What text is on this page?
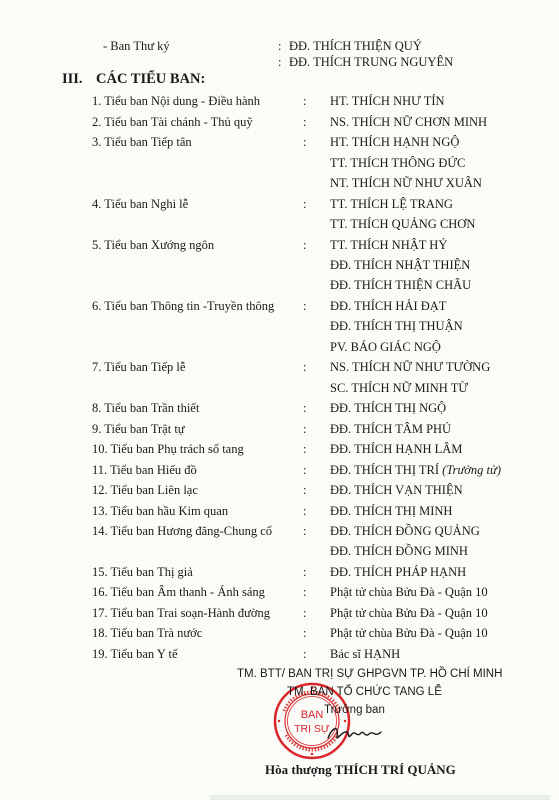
- Ban Thư ký	: ĐĐ. THÍCH THIỆN QUÝ
: ĐĐ. THÍCH TRUNG NGUYÊN
III. CÁC TIỂU BAN:
1. Tiểu ban Nội dung - Điều hành	: HT. THÍCH NHƯ TÍN
2. Tiểu ban Tài chánh - Thủ quỹ	: NS. THÍCH NỮ CHƠN MINH
3. Tiểu ban Tiếp tân	: HT. THÍCH HẠNH NGỘ
TT. THÍCH THÔNG ĐỨC
NT. THÍCH NỮ NHƯ XUÂN
4. Tiểu ban Nghi lễ	: TT. THÍCH LỆ TRANG
TT. THÍCH QUẢNG CHƠN
5. Tiểu ban Xướng ngôn	: TT. THÍCH NHẬT HỶ
ĐĐ. THÍCH NHẬT THIỆN
ĐĐ. THÍCH THIỆN CHÂU
6. Tiểu ban Thông tin -Truyền thông : ĐĐ. THÍCH HẢI ĐẠT
ĐĐ. THÍCH THỊ THUẬN
PV. BÁO GIÁC NGỘ
7. Tiểu ban Tiếp lễ	: NS. THÍCH NỮ NHƯ TƯỜNG
SC. THÍCH NỮ MINH TỪ
8. Tiểu ban Trần thiết	: ĐĐ. THÍCH THỊ NGỘ
9. Tiểu ban Trật tự	: ĐĐ. THÍCH TÂM PHÚ
10. Tiểu ban Phụ trách sổ tang	: ĐĐ. THÍCH HẠNH LÂM
11. Tiểu ban Hiếu đồ	: ĐĐ. THÍCH THỊ TRÍ (Trưởng tử)
12. Tiểu ban Liên lạc	: ĐĐ. THÍCH VẠN THIỆN
13. Tiểu ban hầu Kim quan	: ĐĐ. THÍCH THỊ MINH
14. Tiểu ban Hương đăng-Chung cổ : ĐĐ. THÍCH ĐỒNG QUẢNG
ĐĐ. THÍCH ĐỒNG MINH
15. Tiểu ban Thị giả	: ĐĐ. THÍCH PHÁP HẠNH
16. Tiểu ban Âm thanh - Ánh sáng	: Phật tử chùa Bửu Đà - Quận 10
17. Tiểu ban Trai soạn-Hành đường	: Phật tử chùa Bửu Đà - Quận 10
18. Tiểu ban Trà nước	: Phật tử chùa Bửu Đà - Quận 10
19. Tiểu ban Y tế	: Bác sĩ HẠNH
BAN
TRỊ SỰ
TM. BTT/ BAN TRỊ SỰ GHPGVN TP. HỒ CHÍ MINH
TM. BAN TỔ CHỨC TANG LỄ
Trưởng ban
Hòa thượng THÍCH TRÍ QUẢNG
